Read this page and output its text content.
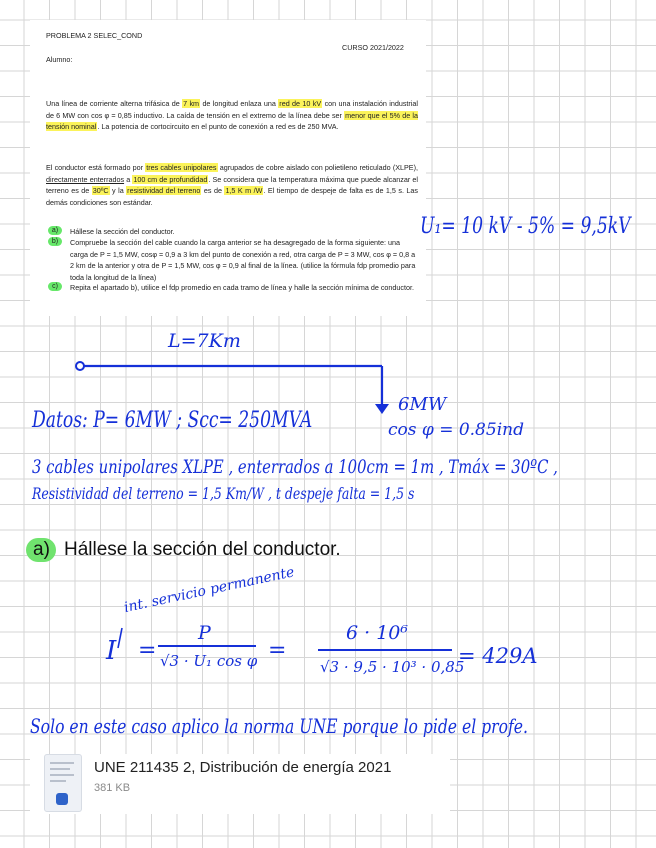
PROBLEMA 2 SELEC_COND
CURSO 2021/2022
Alumno:
Una línea de corriente alterna trifásica de 7 km de longitud enlaza una red de 10 kV con una instalación industrial de 6 MW con cos φ = 0,85 inductivo. La caída de tensión en el extremo de la línea debe ser menor que el 5% de la tensión nominal. La potencia de cortocircuito en el punto de conexión a red es de 250 MVA.
El conductor está formado por tres cables unipolares agrupados de cobre aislado con polietileno reticulado (XLPE), directamente enterrados a 100 cm de profundidad. Se considera que la temperatura máxima que puede alcanzar el terreno es de 30ºC y la resistividad del terreno es de 1,5 K m /W. El tiempo de despeje de falta es de 1,5 s. Las demás condiciones son estándar.
a)	Hállese la sección del conductor.
b)	Compruebe la sección del cable cuando la carga anterior se ha desagregado de la forma siguiente: una carga de P = 1,5 MW, cosφ = 0,9 a 3 km del punto de conexión a red, otra carga de P = 3 MW, cos φ = 0,8 a 2 km de la anterior y otra de P = 1,5 MW, cos φ = 0,9 al final de la línea. (utilice la fórmula fdp promedio para toda la longitud de la línea)
c)	Repita el apartado b), utilice el fdp promedio en cada tramo de línea y halle la sección mínima de conductor.
U₁= 10 kV - 5% = 9,5kV
L=7Km
6MW
cos φ = 0.85ind
Datos: P= 6MW ; Scc= 250MVA
3 cables unipolares XLPE , enterrados a 100cm = 1m , Tmáx = 30ºC ,
Resistividad del terreno = 1,5 Km/W , t despeje falta = 1,5 s
a) Hállese la sección del conductor.
int. servicio permanente
I =
P
√3 · U₁ cos φ =
6 · 10⁶
√3 · 9,5 · 10³ · 0,85
= 429A
Solo en este caso aplico la norma UNE porque lo pide el profe.
UNE 211435 2, Distribución de energía 2021
381 KB
